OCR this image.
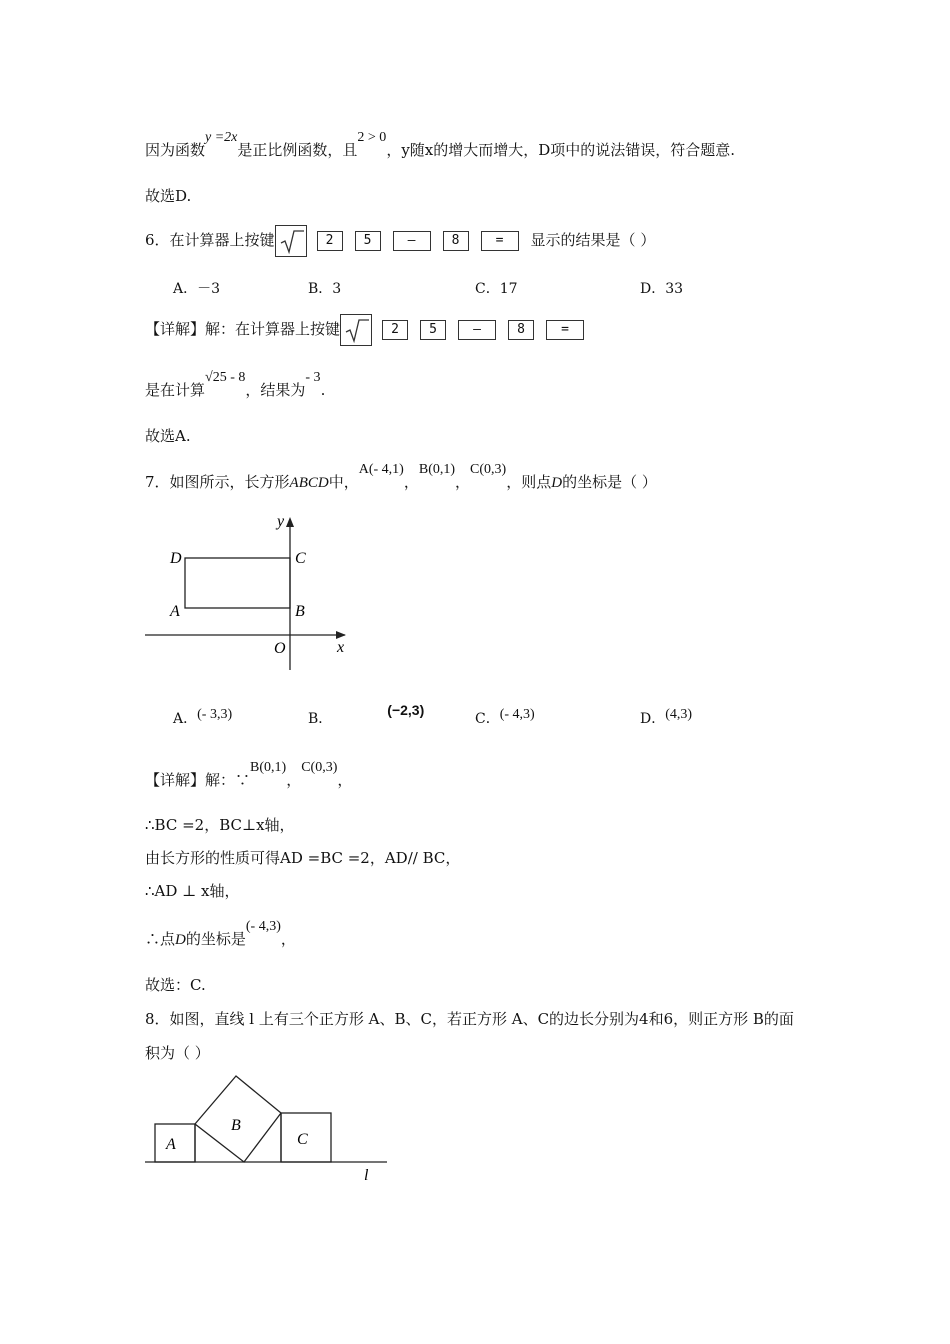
因为函数y =2x是正比例函数，且2 > 0，y随x的增大而增大，D项中的说法错误，符合题意.
故选D.
6．在计算器上按键	2 5	–	8	= 显示的结果是（ ）
A．－3	B．3	C．17	D．33
【详解】解：在计算器上按键	2 5	–	8	=
是在计算√25 - 8，结果为- 3.
故选A.
7．如图所示，长方形ABCD中，A(- 4,1)，B(0,1)，C(0,3)，则点D的坐标是（ ）
y
x
O
D	C
A	B
A．(- 3,3)	B．(−2,3)
C．(- 4,3)	D．(4,3)
【详解】解：∵B(0,1)，C(0,3)，
∴BC =2，BC⊥x轴，
由长方形的性质可得AD =BC =2，AD// BC，
∴AD ⊥ x轴，
∴点D的坐标是(- 4,3)，
故选：C.
8．如图，直线 l 上有三个正方形 A、B、C，若正方形 A、C的边长分别为4和6，则正方形 B的面
积为（ ）
A
B
C
l
